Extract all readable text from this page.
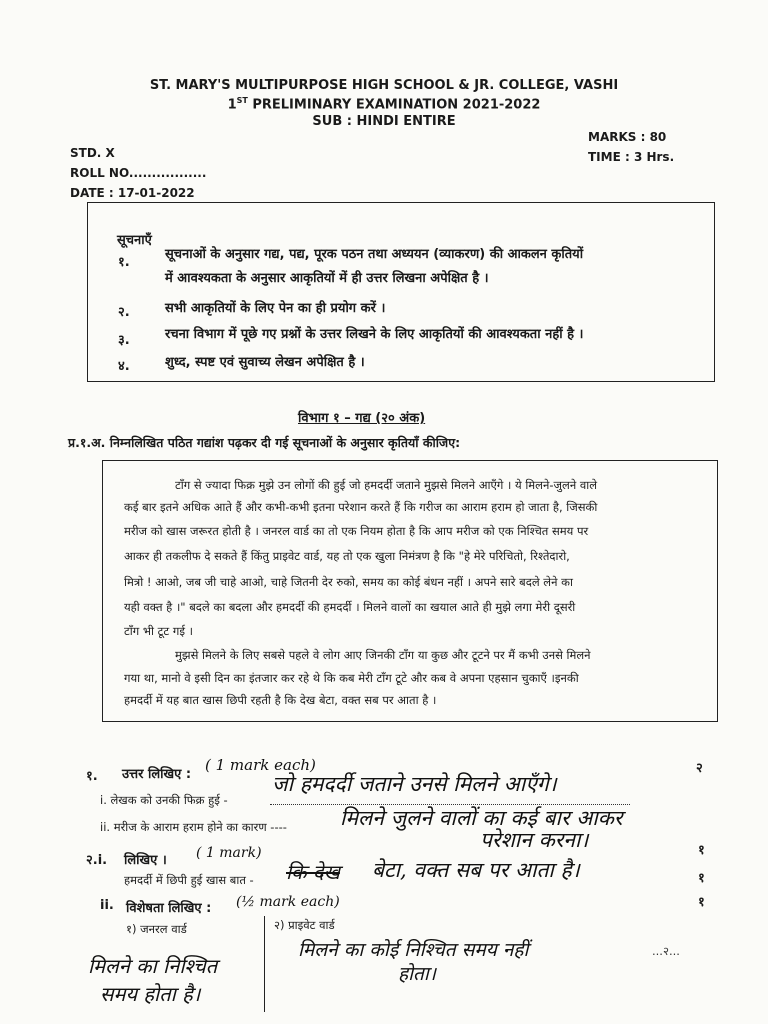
ST. MARY'S MULTIPURPOSE HIGH SCHOOL & JR. COLLEGE, VASHI
1ST PRELIMINARY EXAMINATION 2021-2022
SUB : HINDI ENTIRE
MARKS : 80
STD. X	TIME : 3 Hrs.
ROLL NO.................
DATE : 17-01-2022
सूचनाएँ
१.
सूचनाओं के अनुसार गद्य, पद्य, पूरक पठन तथा अध्ययन (व्याकरण) की आकलन कृतियों
में आवश्यकता के अनुसार आकृतियों में ही उत्तर लिखना अपेक्षित है ।
२.	सभी आकृतियों के लिए पेन का ही प्रयोग करें ।
३.	रचना विभाग में पूछे गए प्रश्नों के उत्तर लिखने के लिए आकृतियों की आवश्यकता नहीं है ।
४.	शुध्द, स्पष्ट एवं सुवाच्य लेखन अपेक्षित है ।
विभाग १ – गद्य (२० अंक)
प्र.१.अ. निम्नलिखित पठित गद्यांश पढ़कर दी गई सूचनाओं के अनुसार कृतियाँ कीजिए:
टाँग से ज्यादा फिक्र मुझे उन लोगों की हुई जो हमदर्दी जताने मुझसे मिलने आएँगे । ये मिलने-जुलने वाले
कई बार इतने अधिक आते हैं और कभी-कभी इतना परेशान करते हैं कि गरीज का आराम हराम हो जाता है, जिसकी
मरीज को खास जरूरत होती है । जनरल वार्ड का तो एक नियम होता है कि आप मरीज को एक निश्चित समय पर
आकर ही तकलीफ दे सकते हैं किंतु प्राइवेट वार्ड, यह तो एक खुला निमंत्रण है कि "हे मेरे परिचितो, रिश्तेदारो,
मित्रो ! आओ, जब जी चाहे आओ, चाहे जितनी देर रुको, समय का कोई बंधन नहीं । अपने सारे बदले लेने का
यही वक्त है ।" बदले का बदला और हमदर्दी की हमदर्दी । मिलने वालों का खयाल आते ही मुझे लगा मेरी दूसरी
टाँग भी टूट गई ।
मुझसे मिलने के लिए सबसे पहले वे लोग आए जिनकी टाँग या कुछ और टूटने पर मैं कभी उनसे मिलने
गया था, मानो वे इसी दिन का इंतजार कर रहे थे कि कब मेरी टाँग टूटे और कब वे अपना एहसान चुकाएँ ।इनकी
हमदर्दी में यह बात खास छिपी रहती है कि देख बेटा, वक्त सब पर आता है ।
१. उत्तर लिखिए :
( 1 mark each)	२
i. लेखक को उनकी फिक्र हुई -
जो हमदर्दी जताने उनसे मिलने आएँगे।
ii. मरीज के आराम हराम होने का कारण ----	मिलने जुलने वालों का कई बार आकर
परेशान करना।	१
२.i. लिखिए । ( 1 mark)
हमदर्दी में छिपी हुई खास बात - कि देख बेटा, वक्त सब पर आता है।	१
ii. विशेषता लिखिए : (½ mark each)	१
१) जनरल वार्ड	२) प्राइवेट वार्ड
मिलने का निश्चित
समय होता है।
मिलने का कोई निश्चित समय नहीं
होता।
...२...
